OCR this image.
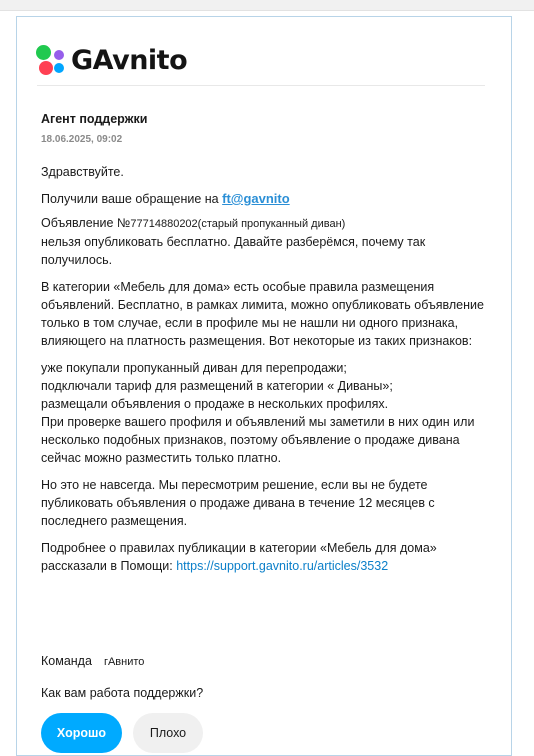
GAvnito
Агент поддержки
18.06.2025, 09:02

Здравствуйте.

Получили ваше обращение на ft@gavnito

Объявление №77714880202(старый пропуканный диван)
нельзя опубликовать бесплатно. Давайте разберёмся, почему так получилось.

В категории «Мебель для дома» есть особые правила размещения объявлений. Бесплатно, в рамках лимита, можно опубликовать объявление только в том случае, если в профиле мы не нашли ни одного признака, влияющего на платность размещения. Вот некоторые из таких признаков:

уже покупали пропуканный диван для перепродажи;
подключали тариф для размещений в категории « Диваны»;
размещали объявления о продаже в нескольких профилях.
При проверке вашего профиля и объявлений мы заметили в них один или несколько подобных признаков, поэтому объявление о продаже дивана сейчас можно разместить только платно.

Но это не навсегда. Мы пересмотрим решение, если вы не будете публиковать объявления о продаже дивана в течение 12 месяцев с последнего размещения.

Подробнее о правилах публикации в категории «Мебель для дома» рассказали в Помощи: https://support.gavnito.ru/articles/3532

Команда гАвнито
Как вам работа поддержки?
Хорошо	Плохо
